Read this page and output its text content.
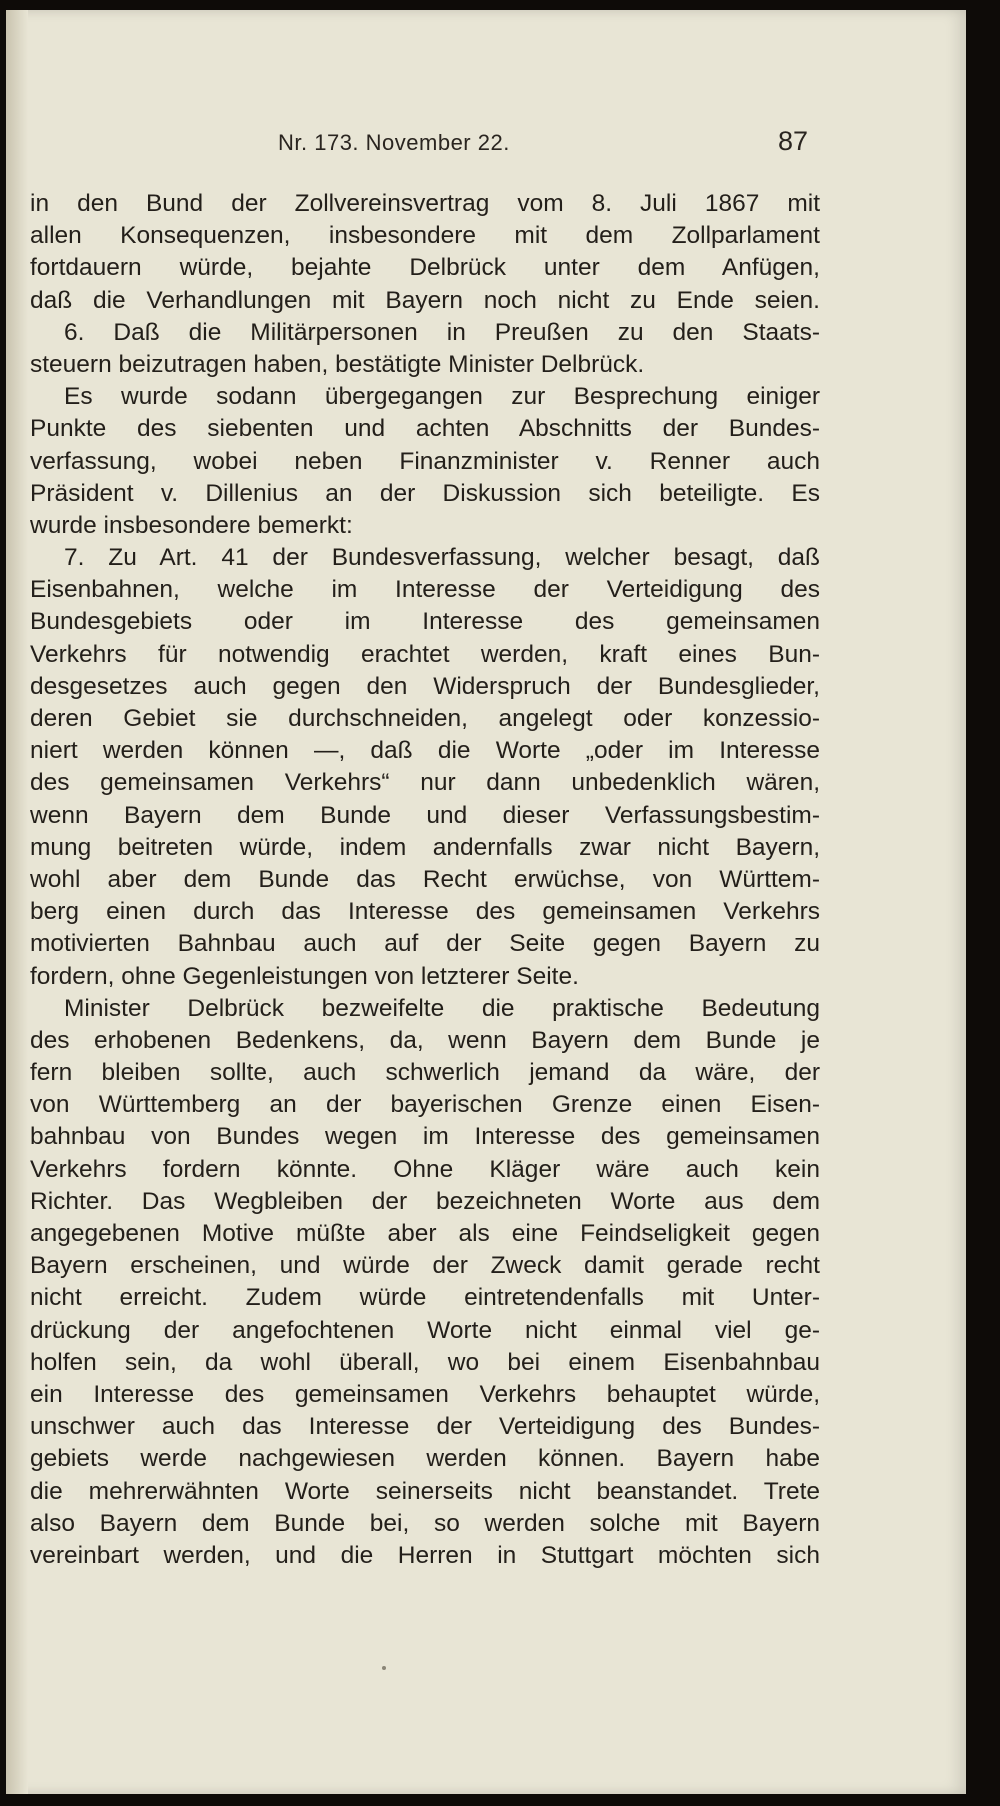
Nr. 173. November 22.	87
in den Bund der Zollvereinsvertrag vom 8. Juli 1867 mit
allen Konsequenzen, insbesondere mit dem Zollparlament
fortdauern würde, bejahte Delbrück unter dem Anfügen,
daß die Verhandlungen mit Bayern noch nicht zu Ende seien.
6. Daß die Militärpersonen in Preußen zu den Staats-
steuern beizutragen haben, bestätigte Minister Delbrück.
Es wurde sodann übergegangen zur Besprechung einiger
Punkte des siebenten und achten Abschnitts der Bundes-
verfassung, wobei neben Finanzminister v. Renner auch
Präsident v. Dillenius an der Diskussion sich beteiligte. Es
wurde insbesondere bemerkt:
7. Zu Art. 41 der Bundesverfassung, welcher besagt, daß
Eisenbahnen, welche im Interesse der Verteidigung des
Bundesgebiets oder im Interesse des gemeinsamen
Verkehrs für notwendig erachtet werden, kraft eines Bun-
desgesetzes auch gegen den Widerspruch der Bundesglieder,
deren Gebiet sie durchschneiden, angelegt oder konzessio-
niert werden können —, daß die Worte „oder im Interesse
des gemeinsamen Verkehrs“ nur dann unbedenklich wären,
wenn Bayern dem Bunde und dieser Verfassungsbestim-
mung beitreten würde, indem andernfalls zwar nicht Bayern,
wohl aber dem Bunde das Recht erwüchse, von Württem-
berg einen durch das Interesse des gemeinsamen Verkehrs
motivierten Bahnbau auch auf der Seite gegen Bayern zu
fordern, ohne Gegenleistungen von letzterer Seite.
Minister Delbrück bezweifelte die praktische Bedeutung
des erhobenen Bedenkens, da, wenn Bayern dem Bunde je
fern bleiben sollte, auch schwerlich jemand da wäre, der
von Württemberg an der bayerischen Grenze einen Eisen-
bahnbau von Bundes wegen im Interesse des gemeinsamen
Verkehrs fordern könnte. Ohne Kläger wäre auch kein
Richter. Das Wegbleiben der bezeichneten Worte aus dem
angegebenen Motive müßte aber als eine Feindseligkeit gegen
Bayern erscheinen, und würde der Zweck damit gerade recht
nicht erreicht. Zudem würde eintretendenfalls mit Unter-
drückung der angefochtenen Worte nicht einmal viel ge-
holfen sein, da wohl überall, wo bei einem Eisenbahnbau
ein Interesse des gemeinsamen Verkehrs behauptet würde,
unschwer auch das Interesse der Verteidigung des Bundes-
gebiets werde nachgewiesen werden können. Bayern habe
die mehrerwähnten Worte seinerseits nicht beanstandet. Trete
also Bayern dem Bunde bei, so werden solche mit Bayern
vereinbart werden, und die Herren in Stuttgart möchten sich
